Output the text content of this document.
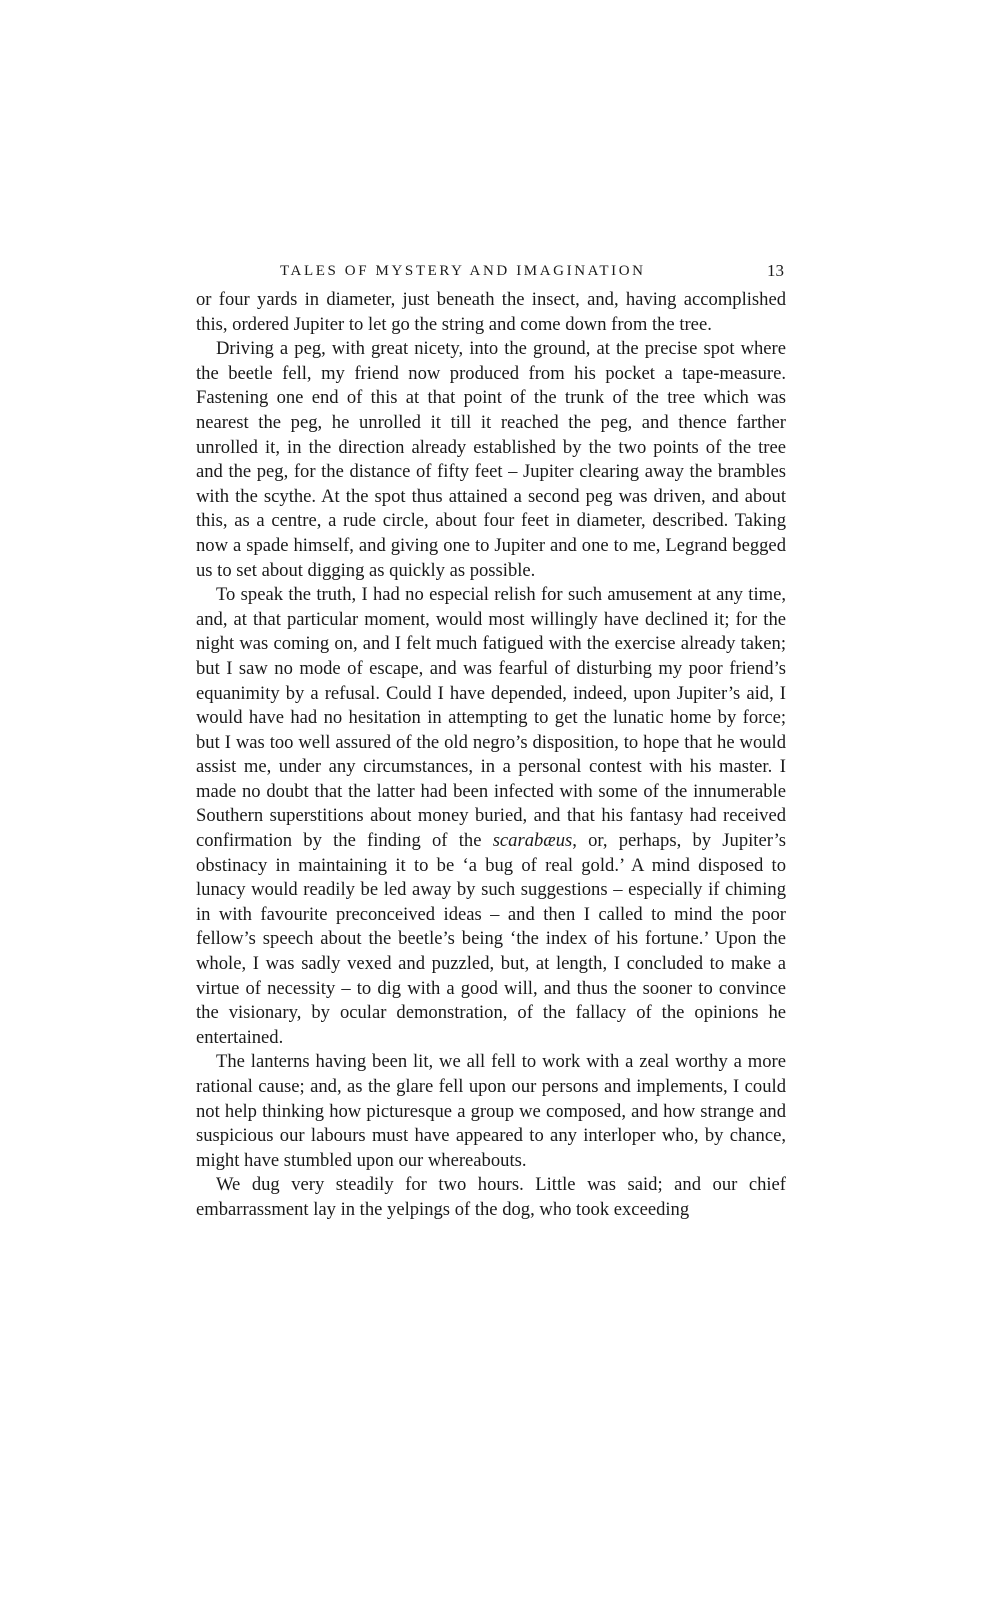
TALES OF MYSTERY AND IMAGINATION	13

or four yards in diameter, just beneath the insect, and, having accomplished this, ordered Jupiter to let go the string and come down from the tree.

Driving a peg, with great nicety, into the ground, at the precise spot where the beetle fell, my friend now produced from his pocket a tape-measure. Fastening one end of this at that point of the trunk of the tree which was nearest the peg, he unrolled it till it reached the peg, and thence farther unrolled it, in the direction already established by the two points of the tree and the peg, for the distance of fifty feet – Jupiter clearing away the brambles with the scythe. At the spot thus attained a second peg was driven, and about this, as a centre, a rude circle, about four feet in diameter, described. Taking now a spade himself, and giving one to Jupiter and one to me, Legrand begged us to set about digging as quickly as possible.

To speak the truth, I had no especial relish for such amusement at any time, and, at that particular moment, would most willingly have declined it; for the night was coming on, and I felt much fatigued with the exercise already taken; but I saw no mode of escape, and was fearful of disturbing my poor friend’s equanimity by a refusal. Could I have depended, indeed, upon Jupiter’s aid, I would have had no hesitation in attempting to get the lunatic home by force; but I was too well assured of the old negro’s disposition, to hope that he would assist me, under any circumstances, in a personal contest with his master. I made no doubt that the latter had been infected with some of the innumerable Southern superstitions about money buried, and that his fantasy had received confirmation by the finding of the scarabæus, or, perhaps, by Jupiter’s obstinacy in maintaining it to be ‘a bug of real gold.’ A mind disposed to lunacy would readily be led away by such suggestions – especially if chiming in with favourite preconceived ideas – and then I called to mind the poor fellow’s speech about the beetle’s being ‘the index of his fortune.’ Upon the whole, I was sadly vexed and puzzled, but, at length, I concluded to make a virtue of necessity – to dig with a good will, and thus the sooner to convince the visionary, by ocular demonstration, of the fallacy of the opinions he entertained.

The lanterns having been lit, we all fell to work with a zeal worthy a more rational cause; and, as the glare fell upon our persons and implements, I could not help thinking how picturesque a group we composed, and how strange and suspicious our labours must have appeared to any interloper who, by chance, might have stumbled upon our whereabouts.

We dug very steadily for two hours. Little was said; and our chief embarrassment lay in the yelpings of the dog, who took exceeding
